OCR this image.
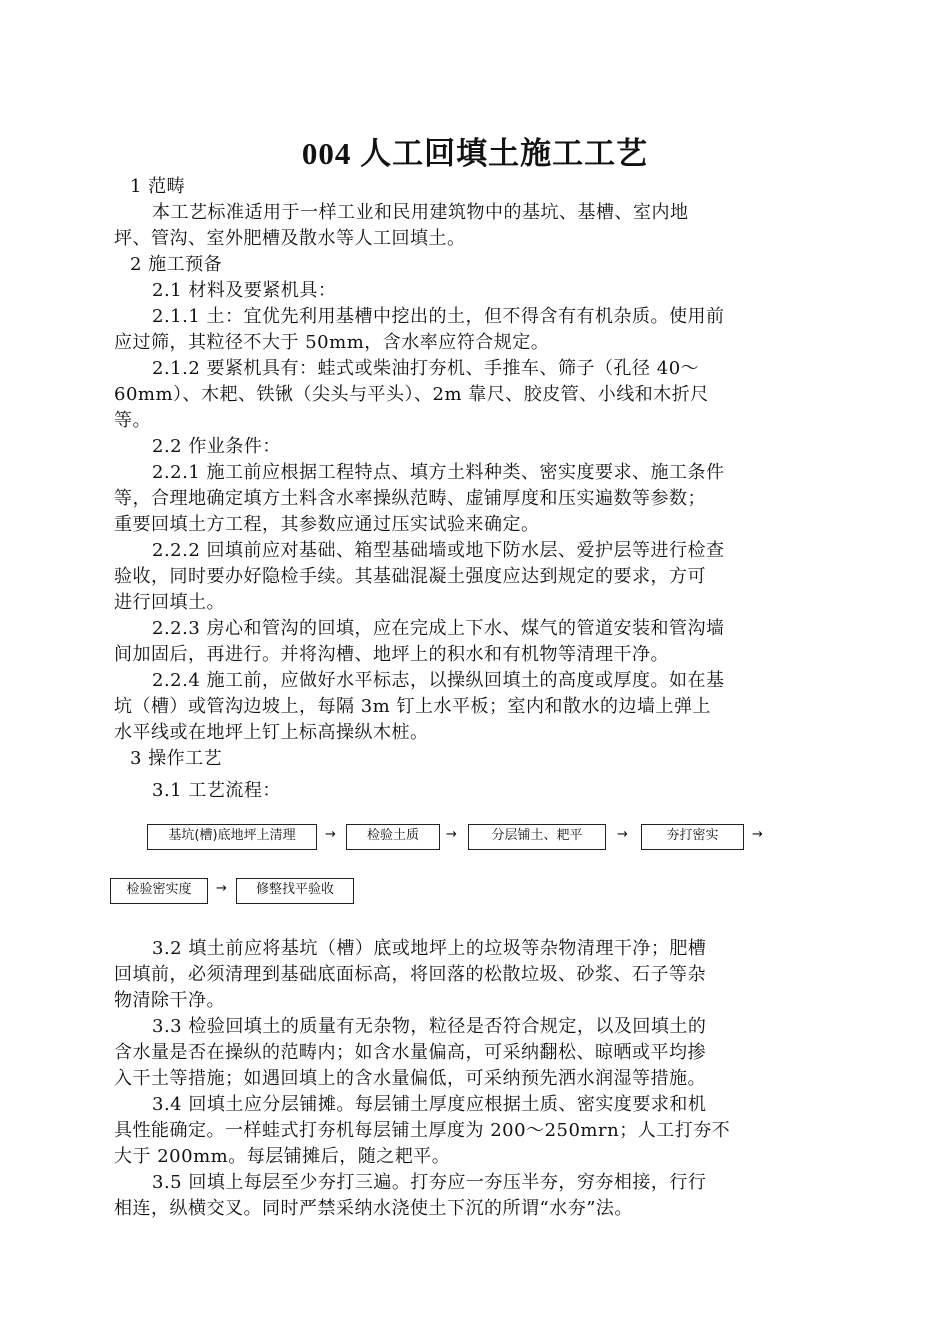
004 人工回填土施工工艺
1 范畴
本工艺标准适用于一样工业和民用建筑物中的基坑、基槽、室内地
坪、管沟、室外肥槽及散水等人工回填土。
2 施工预备
2.1 材料及要紧机具：
2.1.1 土：宜优先利用基槽中挖出的土，但不得含有有机杂质。使用前
应过筛，其粒径不大于 50mm，含水率应符合规定。
2.1.2 要紧机具有：蛙式或柴油打夯机、手推车、筛子（孔径 40～
60mm）、木耙、铁锹（尖头与平头）、2m 靠尺、胶皮管、小线和木折尺
等。
2.2 作业条件：
2.2.1 施工前应根据工程特点、填方土料种类、密实度要求、施工条件
等，合理地确定填方土料含水率操纵范畴、虚铺厚度和压实遍数等参数；
重要回填土方工程，其参数应通过压实试验来确定。
2.2.2 回填前应对基础、箱型基础墙或地下防水层、爱护层等进行检查
验收，同时要办好隐检手续。其基础混凝土强度应达到规定的要求，方可
进行回填土。
2.2.3 房心和管沟的回填，应在完成上下水、煤气的管道安装和管沟墙
间加固后，再进行。并将沟槽、地坪上的积水和有机物等清理干净。
2.2.4 施工前，应做好水平标志，以操纵回填土的高度或厚度。如在基
坑（槽）或管沟边坡上，每隔 3m 钉上水平板；室内和散水的边墙上弹上
水平线或在地坪上钉上标高操纵木桩。
3 操作工艺
3.1 工艺流程：
基坑(槽)底地坪上清理	→	检验土质	→	分层铺土、耙平	→	夯打密实	→
检验密实度	→	修整找平验收
3.2 填土前应将基坑（槽）底或地坪上的垃圾等杂物清理干净；肥槽
回填前，必须清理到基础底面标高，将回落的松散垃圾、砂浆、石子等杂
物清除干净。
3.3 检验回填土的质量有无杂物，粒径是否符合规定，以及回填土的
含水量是否在操纵的范畴内；如含水量偏高，可采纳翻松、晾晒或平均掺
入干土等措施；如遇回填上的含水量偏低，可采纳预先洒水润湿等措施。
3.4 回填土应分层铺摊。每层铺土厚度应根据土质、密实度要求和机
具性能确定。一样蛙式打夯机每层铺土厚度为 200～250mrn；人工打夯不
大于 200mm。每层铺摊后，随之耙平。
3.5 回填上每层至少夯打三遍。打夯应一夯压半夯，穷夯相接，行行
相连，纵横交叉。同时严禁采纳水浇使土下沉的所谓“水夯”法。
